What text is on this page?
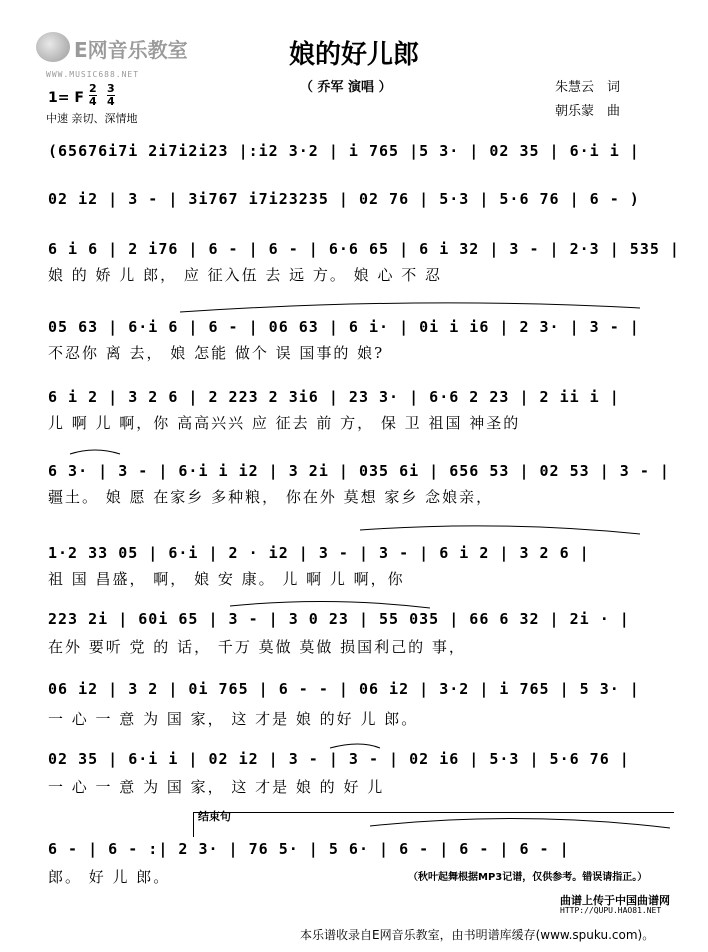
E网音乐教室
WWW.MUSIC688.NET
娘的好儿郎
（ 乔军 演唱 ）	朱慧云　词
朝乐蒙　曲
1= F
2
4
3
4
中速 亲切、深情地
(65676i7i 2i7i2i23 |:i2 3·2 | i 765 |5 3· | 02 35 | 6·i i |
02 i2 | 3 - | 3i767 i7i23235 | 02 76 | 5·3 | 5·6 76 | 6 - )
6 i 6 | 2 i76 | 6 - | 6 - | 6·6 65 | 6 i 32 | 3 - | 2·3 | 535 |
娘 的 娇 儿 郎， 应 征入伍 去 远 方。 娘 心 不 忍
05 63 | 6·i 6 | 6 - | 06 63 | 6 i· | 0i i i6 | 2 3· | 3 - |
不忍你 离 去， 娘 怎能 做个 误 国事的 娘?
6 i 2 | 3 2 6 | 2 223 2 3i6 | 23 3· | 6·6 2 23 | 2 ii i |
儿 啊 儿 啊，你 高高兴兴 应 征去 前 方， 保 卫 祖国 神圣的
6 3· | 3 - | 6·i i i2 | 3 2i | 035 6i | 656 53 | 02 53 | 3 - |
疆土。 娘 愿 在家乡 多种粮， 你在外 莫想 家乡 念娘亲，
1·2 33 05 | 6·i | 2 · i2 | 3 - | 3 - | 6 i 2 | 3 2 6 |
祖 国 昌盛， 啊， 娘 安 康。 儿 啊 儿 啊，你
223 2i | 60i 65 | 3 - | 3 0 23 | 55 035 | 66 6 32 | 2i · |
在外 要听 党 的 话， 千万 莫做 莫做 损国利己的 事，
06 i2 | 3 2 | 0i 765 | 6 - - | 06 i2 | 3·2 | i 765 | 5 3· |
一 心 一 意 为 国 家， 这 才是 娘 的好 儿 郎。
02 35 | 6·i i | 02 i2 | 3 - | 3 - | 02 i6 | 5·3 | 5·6 76 |
一 心 一 意 为 国 家， 这 才是 娘 的 好 儿
结束句
6 - | 6 - :| 2 3· | 76 5· | 5 6· | 6 - | 6 - | 6 - |
郎。 好 儿 郎。	（秋叶起舞根据MP3记谱，仅供参考。错误请指正。）
曲谱上传于中国曲谱网
HTTP://QUPU.HAO81.NET
本乐谱收录自E网音乐教室，由书明谱库缓存(www.spuku.com)。
